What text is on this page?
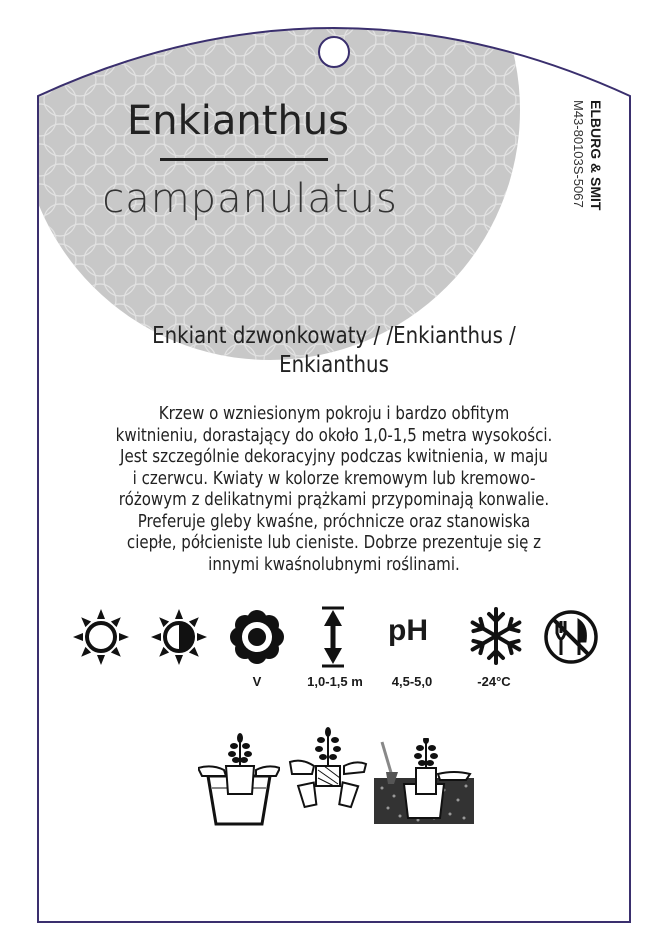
Enkianthus
campanulatus	ELBURG & SMIT
M43-80103S-5067
Enkiant dzwonkowaty / /Enkianthus /
Enkianthus
Krzew o wzniesionym pokroju i bardzo obfitym
kwitnieniu, dorastający do około 1,0-1,5 metra wysokości.
Jest szczególnie dekoracyjny podczas kwitnienia, w maju
i czerwcu. Kwiaty w kolorze kremowym lub kremowo-
różowym z delikatnymi prążkami przypominają konwalie.
Preferuje gleby kwaśne, próchnicze oraz stanowiska
ciepłe, półcieniste lub cieniste. Dobrze prezentuje się z
innymi kwaśnolubnymi roślinami.
V	1,0-1,5 m
pH
4,5-5,0	-24°C
